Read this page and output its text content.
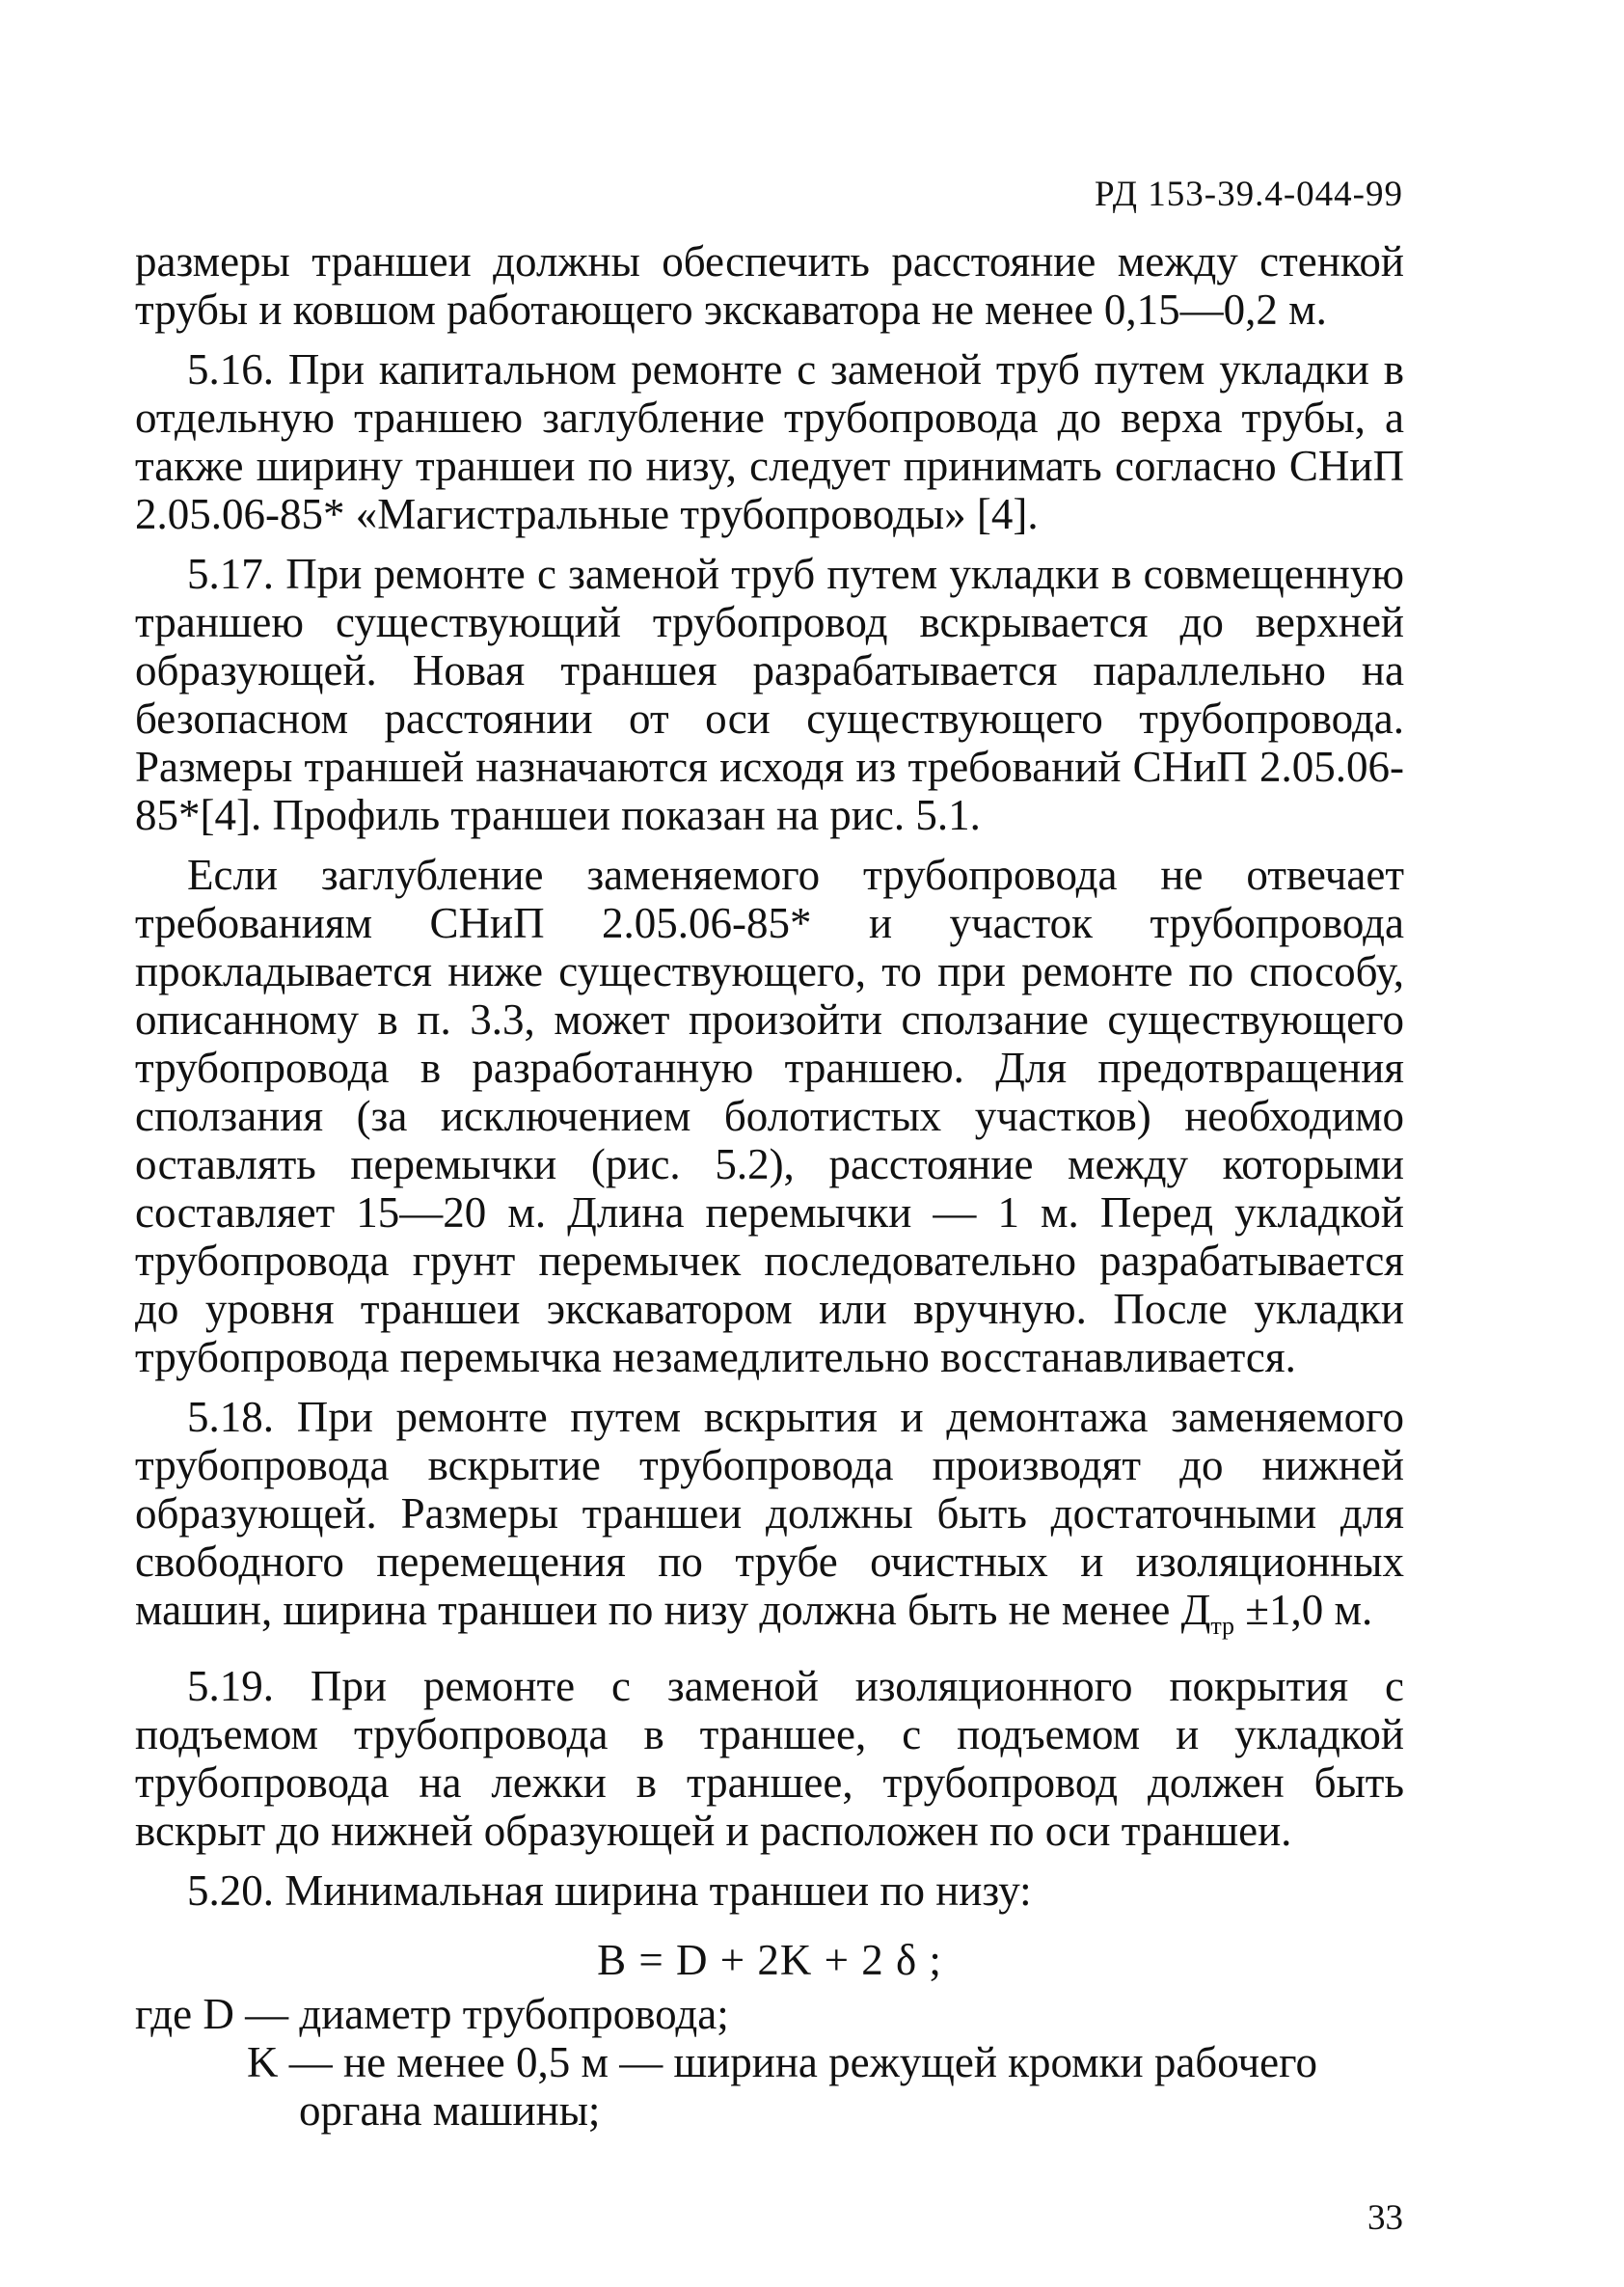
РД 153-39.4-044-99

размеры траншеи должны обеспечить расстояние между стенкой трубы и ковшом работающего экскаватора не менее 0,15—0,2 м.

5.16. При капитальном ремонте с заменой труб путем укладки в отдельную траншею заглубление трубопровода до верха трубы, а также ширину траншеи по низу, следует принимать согласно СНиП 2.05.06-85* «Магистральные трубопроводы» [4].

5.17. При ремонте с заменой труб путем укладки в совмещенную траншею существующий трубопровод вскрывается до верхней образующей. Новая траншея разрабатывается параллельно на безопасном расстоянии от оси существующего трубопровода. Размеры траншей назначаются исходя из требований СНиП 2.05.06-85*[4]. Профиль траншеи показан на рис. 5.1.

Если заглубление заменяемого трубопровода не отвечает требованиям СНиП 2.05.06-85* и участок трубопровода прокладывается ниже существующего, то при ремонте по способу, описанному в п. 3.3, может произойти сползание существующего трубопровода в разработанную траншею. Для предотвращения сползания (за исключением болотистых участков) необходимо оставлять перемычки (рис. 5.2), расстояние между которыми составляет 15—20 м. Длина перемычки — 1 м. Перед укладкой трубопровода грунт перемычек последовательно разрабатывается до уровня траншеи экскаватором или вручную. После укладки трубопровода перемычка незамедлительно восстанавливается.

5.18. При ремонте путем вскрытия и демонтажа заменяемого трубопровода вскрытие трубопровода производят до нижней образующей. Размеры траншеи должны быть достаточными для свободного перемещения по трубе очистных и изоляционных машин, ширина траншеи по низу должна быть не менее $Д_{тр} \pm 1,0$ м.

5.19. При ремонте с заменой изоляционного покрытия с подъемом трубопровода в траншее, с подъемом и укладкой трубопровода на лежки в траншее, трубопровод должен быть вскрыт до нижней образующей и расположен по оси траншеи.

5.20. Минимальная ширина траншеи по низу:

B = D + 2K + 2 δ ;

где D — диаметр трубопровода;

K — не менее 0,5 м — ширина режущей кромки рабочего органа машины;

33
